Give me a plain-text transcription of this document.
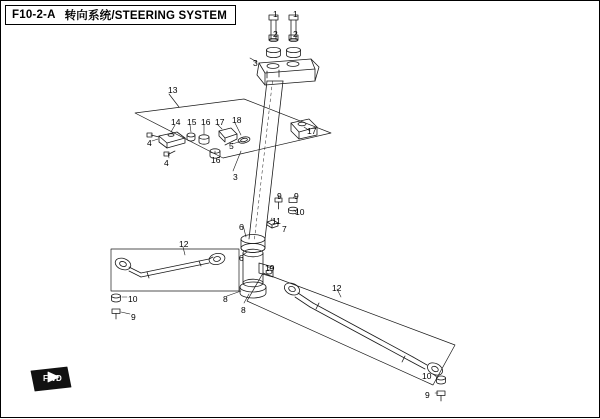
F10-2-A 转向系统/STEERING SYSTEM
FWD
1 1
2 2
3
13
14 15 16 17 18
17
4	5
16
4
3
9 9
10
11
6	7
12
6
19
12
10	8
8
9
10
9
